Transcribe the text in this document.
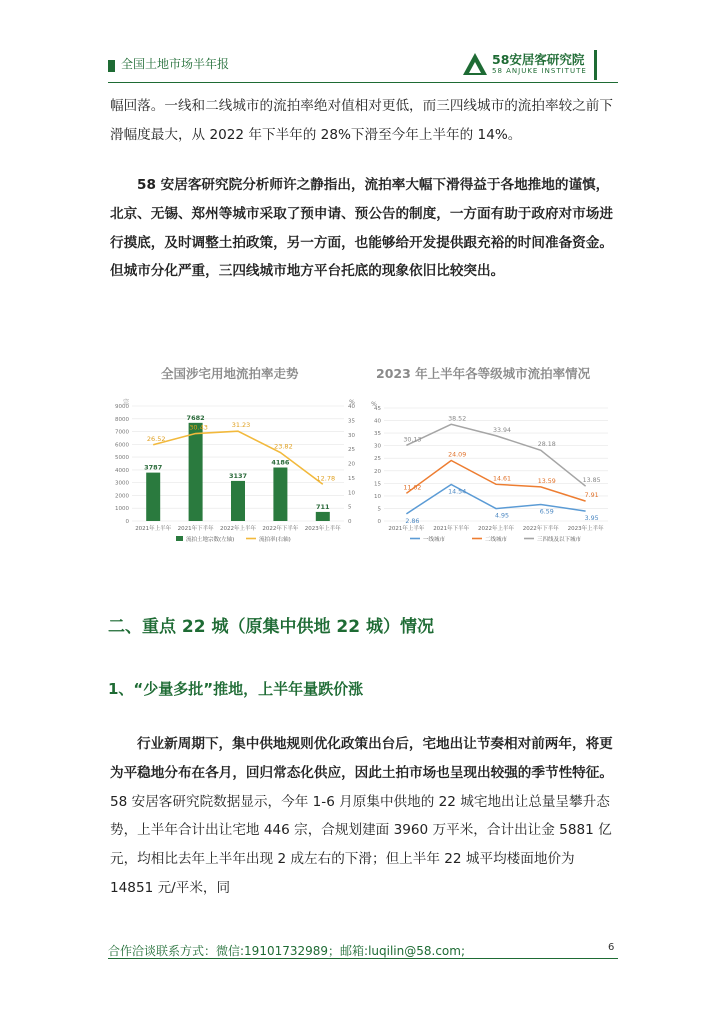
全国土地市场半年报	58安居客研究院
58 ANJUKE INSTITUTE

幅回落。一线和二线城市的流拍率绝对值相对更低，而三四线城市的流拍率较之前下滑幅度最大，从 2022 年下半年的 28%下滑至今年上半年的 14%。

58 安居客研究院分析师许之静指出，流拍率大幅下滑得益于各地推地的谨慎，北京、无锡、郑州等城市采取了预申请、预公告的制度，一方面有助于政府对市场进行摸底，及时调整土拍政策，另一方面，也能够给开发提供跟充裕的时间准备资金。但城市分化严重，三四线城市地方平台托底的现象依旧比较突出。

全国涉宅用地流拍率走势	2023 年上半年各等级城市流拍率情况
宗	%
0
1000
2000
3000
4000
5000
6000
7000
8000
9000
0
5
10
15
20
25
30
35
40
3787
2021年上半年
7682
2021年下半年
3137
2022年上半年
4186
2022年下半年
711
2023年上半年
26.52
30.43	31.23
23.82
12.78
流拍土地宗数(左轴)	流拍率(右轴)
%
0
5
10
15
20
25
30
35
40
45
2021年上半年 2021年下半年 2022年上半年 2022年下半年 2023年上半年
2.86
14.54
4.95
6.59
3.95
11.02
24.09
14.61	13.59
7.91
30.13
38.52
33.94
28.18
13.85
一线城市	二线城市	三四线及以下城市
二、重点 22 城（原集中供地 22 城）情况
1、“少量多批”推地，上半年量跌价涨

行业新周期下，集中供地规则优化政策出台后，宅地出让节奏相对前两年，将更为平稳地分布在各月，回归常态化供应，因此土拍市场也呈现出较强的季节性特征。58 安居客研究院数据显示，今年 1-6 月原集中供地的 22 城宅地出让总量呈攀升态势，上半年合计出让宅地 446 宗，合规划建面 3960 万平米，合计出让金 5881 亿元，均相比去年上半年出现 2 成左右的下滑；但上半年 22 城平均楼面地价为 14851 元/平米，同

合作洽谈联系方式：微信:19101732989；邮箱:luqilin@58.com;	6
